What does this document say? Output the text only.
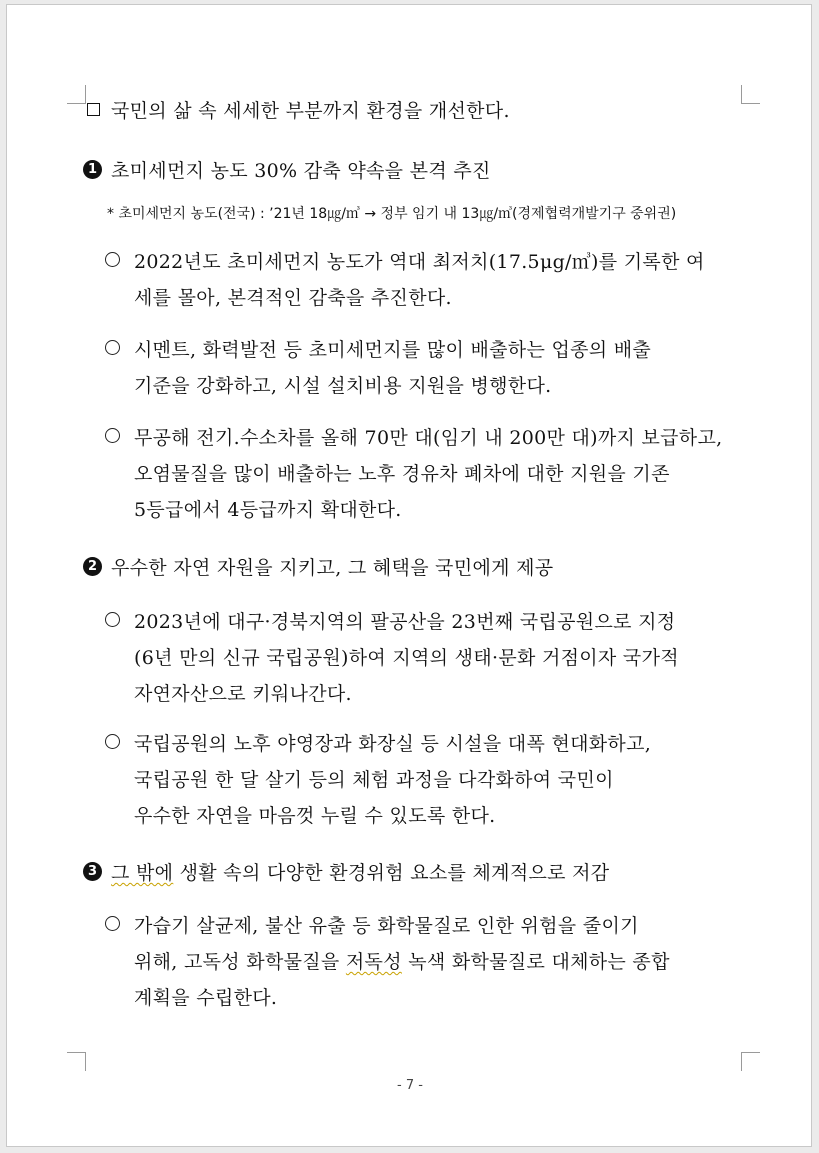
국민의 삶 속 세세한 부분까지 환경을 개선한다.
1 초미세먼지 농도 30% 감축 약속을 본격 추진
* 초미세먼지 농도(전국) : ’21년 18㎍/㎥ → 정부 임기 내 13㎍/㎥(경제협력개발기구 중위권)
2022년도 초미세먼지 농도가 역대 최저치(17.5μg/㎥)를 기록한 여
세를 몰아, 본격적인 감축을 추진한다.
시멘트, 화력발전 등 초미세먼지를 많이 배출하는 업종의 배출
기준을 강화하고, 시설 설치비용 지원을 병행한다.
무공해 전기.수소차를 올해 70만 대(임기 내 200만 대)까지 보급하고,
오염물질을 많이 배출하는 노후 경유차 폐차에 대한 지원을 기존
5등급에서 4등급까지 확대한다.
2 우수한 자연 자원을 지키고, 그 혜택을 국민에게 제공
2023년에 대구·경북지역의 팔공산을 23번째 국립공원으로 지정
(6년 만의 신규 국립공원)하여 지역의 생태·문화 거점이자 국가적
자연자산으로 키워나간다.
국립공원의 노후 야영장과 화장실 등 시설을 대폭 현대화하고,
국립공원 한 달 살기 등의 체험 과정을 다각화하여 국민이
우수한 자연을 마음껏 누릴 수 있도록 한다.
3 그 밖에 생활 속의 다양한 환경위험 요소를 체계적으로 저감
가습기 살균제, 불산 유출 등 화학물질로 인한 위험을 줄이기
위해, 고독성 화학물질을 저독성 녹색 화학물질로 대체하는 종합
계획을 수립한다.
- 7 -
